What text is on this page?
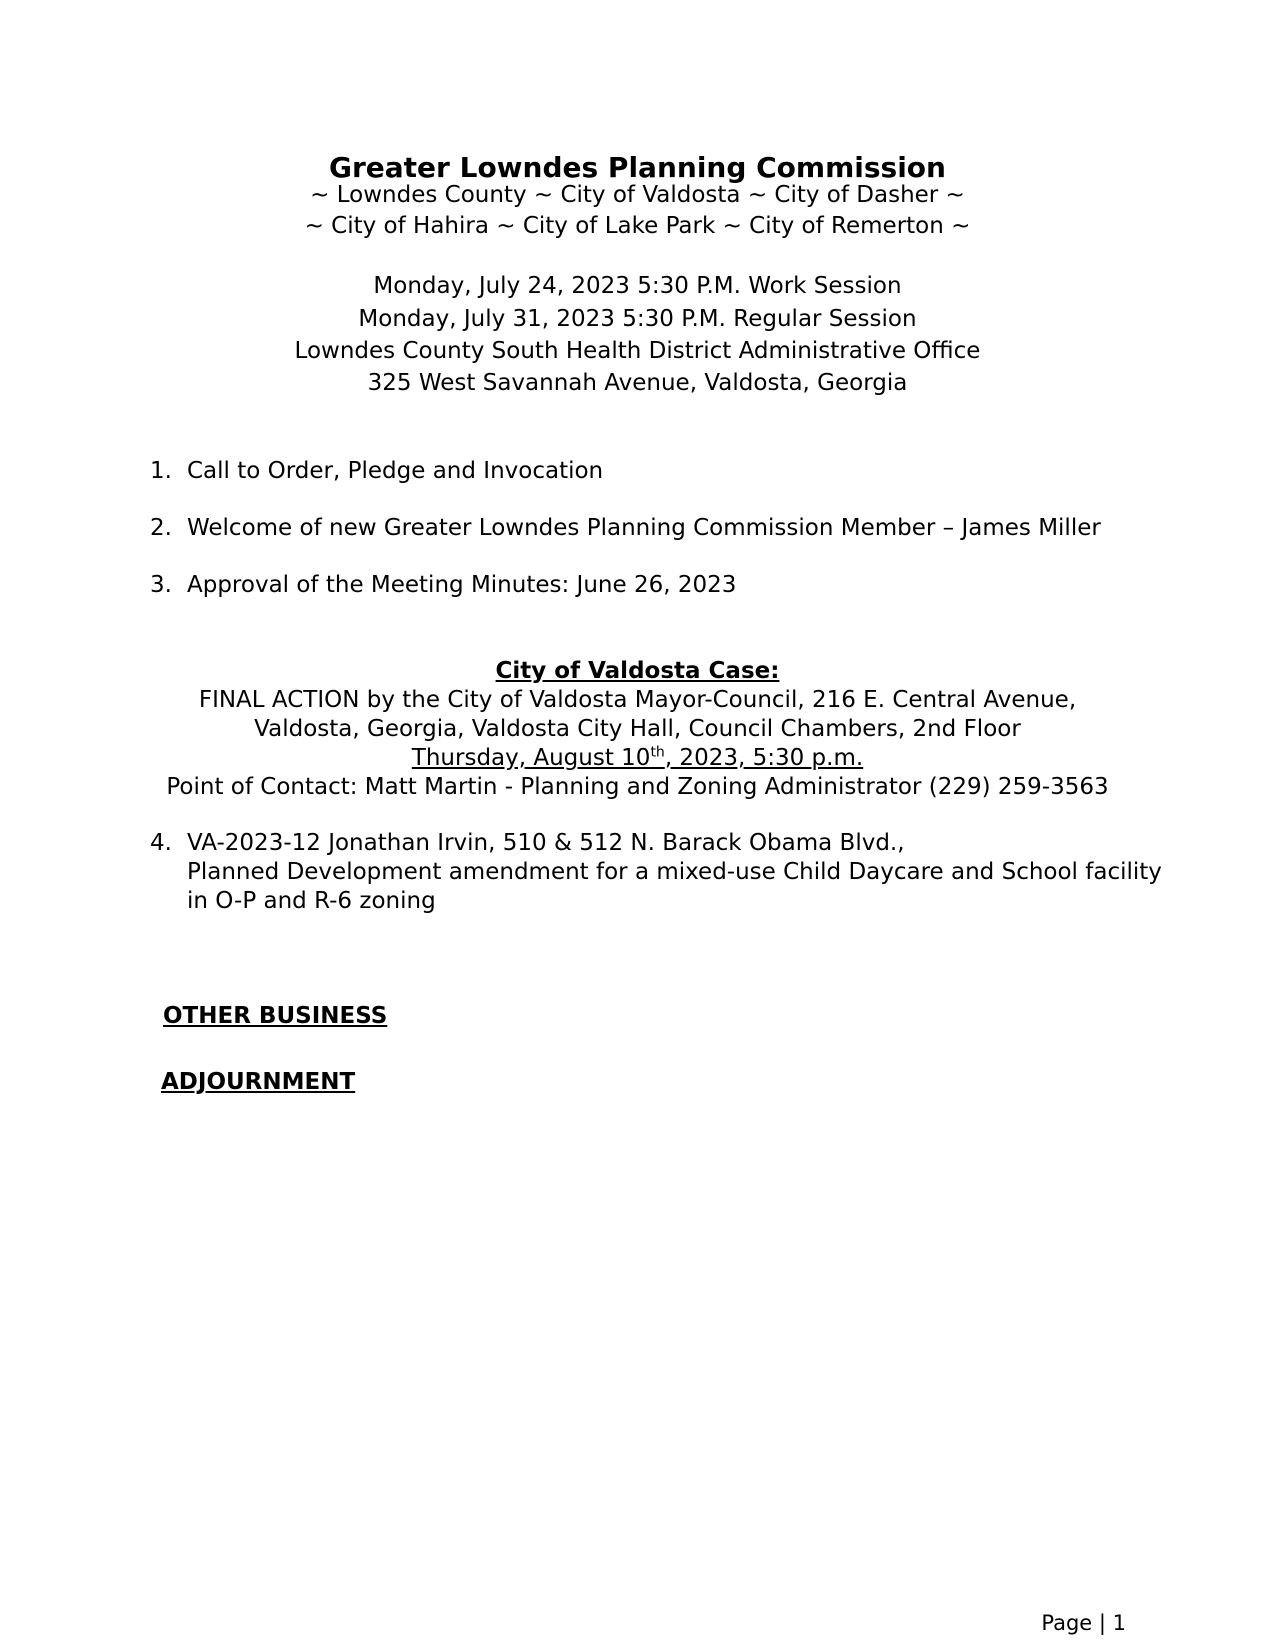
Greater Lowndes Planning Commission
~ Lowndes County ~ City of Valdosta ~ City of Dasher ~
~ City of Hahira ~ City of Lake Park ~ City of Remerton ~
Monday, July 24, 2023 5:30 P.M. Work Session
Monday, July 31, 2023 5:30 P.M. Regular Session
Lowndes County South Health District Administrative Office
325 West Savannah Avenue, Valdosta, Georgia
1. Call to Order, Pledge and Invocation
2. Welcome of new Greater Lowndes Planning Commission Member – James Miller
3. Approval of the Meeting Minutes: June 26, 2023
City of Valdosta Case:
FINAL ACTION by the City of Valdosta Mayor-Council, 216 E. Central Avenue,
Valdosta, Georgia, Valdosta City Hall, Council Chambers, 2nd Floor
Thursday, August 10th, 2023, 5:30 p.m.
Point of Contact: Matt Martin - Planning and Zoning Administrator (229) 259-3563
4. VA-2023-12 Jonathan Irvin, 510 & 512 N. Barack Obama Blvd.,
Planned Development amendment for a mixed-use Child Daycare and School facility
in O-P and R-6 zoning
OTHER BUSINESS
ADJOURNMENT
Page | 1
